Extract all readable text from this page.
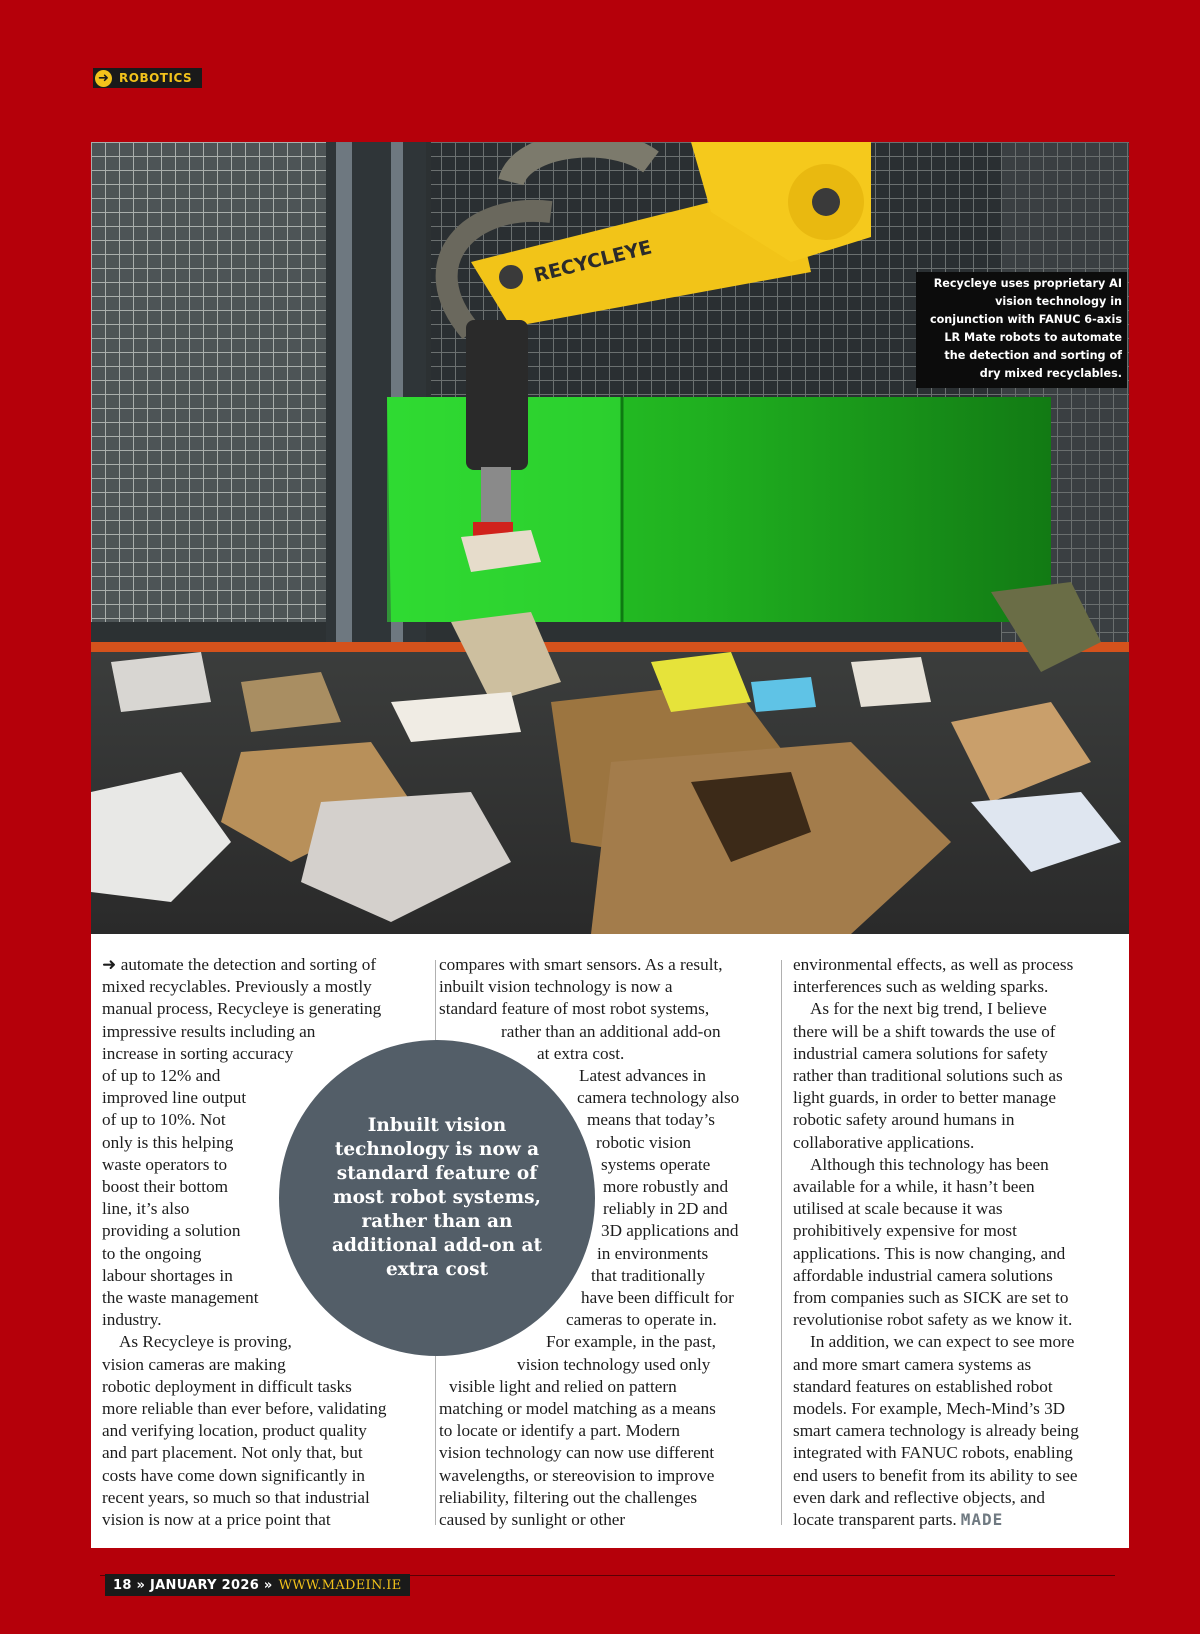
➜ ROBOTICS
RECYCLEYE	Recycleye uses proprietary AI vision technology in conjunction with FANUC 6-axis LR Mate robots to automate the detection and sorting of dry mixed recyclables.

➜ automate the detection and sorting of

mixed recyclables. Previously a mostly

manual process, Recycleye is generating

impressive results including an

increase in sorting accuracy

of up to 12% and

improved line output

of up to 10%. Not

only is this helping

waste operators to

boost their bottom

line, it’s also

providing a solution

to the ongoing

labour shortages in

the waste management

industry.

As Recycleye is proving,

vision cameras are making

robotic deployment in difficult tasks

more reliable than ever before, validating

and verifying location, product quality

and part placement. Not only that, but

costs have come down significantly in

recent years, so much so that industrial

vision is now at a price point that

compares with smart sensors. As a result,

inbuilt vision technology is now a

standard feature of most robot systems,

rather than an additional add-on

at extra cost.

Latest advances in

camera technology also

means that today’s

robotic vision

systems operate

more robustly and

reliably in 2D and

3D applications and

in environments

that traditionally

have been difficult for

cameras to operate in.

For example, in the past,

vision technology used only

visible light and relied on pattern

matching or model matching as a means

to locate or identify a part. Modern

vision technology can now use different

wavelengths, or stereovision to improve

reliability, filtering out the challenges

caused by sunlight or other

environmental effects, as well as process

interferences such as welding sparks.

As for the next big trend, I believe

there will be a shift towards the use of

industrial camera solutions for safety

rather than traditional solutions such as

light guards, in order to better manage

robotic safety around humans in

collaborative applications.

Although this technology has been

available for a while, it hasn’t been

utilised at scale because it was

prohibitively expensive for most

applications. This is now changing, and

affordable industrial camera solutions

from companies such as SICK are set to

revolutionise robot safety as we know it.

In addition, we can expect to see more

and more smart camera systems as

standard features on established robot

models. For example, Mech-Mind’s 3D

smart camera technology is already being

integrated with FANUC robots, enabling

end users to benefit from its ability to see

even dark and reflective objects, and

locate transparent parts. MADE

Inbuilt vision technology is now a standard feature of most robot systems, rather than an additional add-on at extra cost
18 » JANUARY 2026 » WWW.MADEIN.IE
